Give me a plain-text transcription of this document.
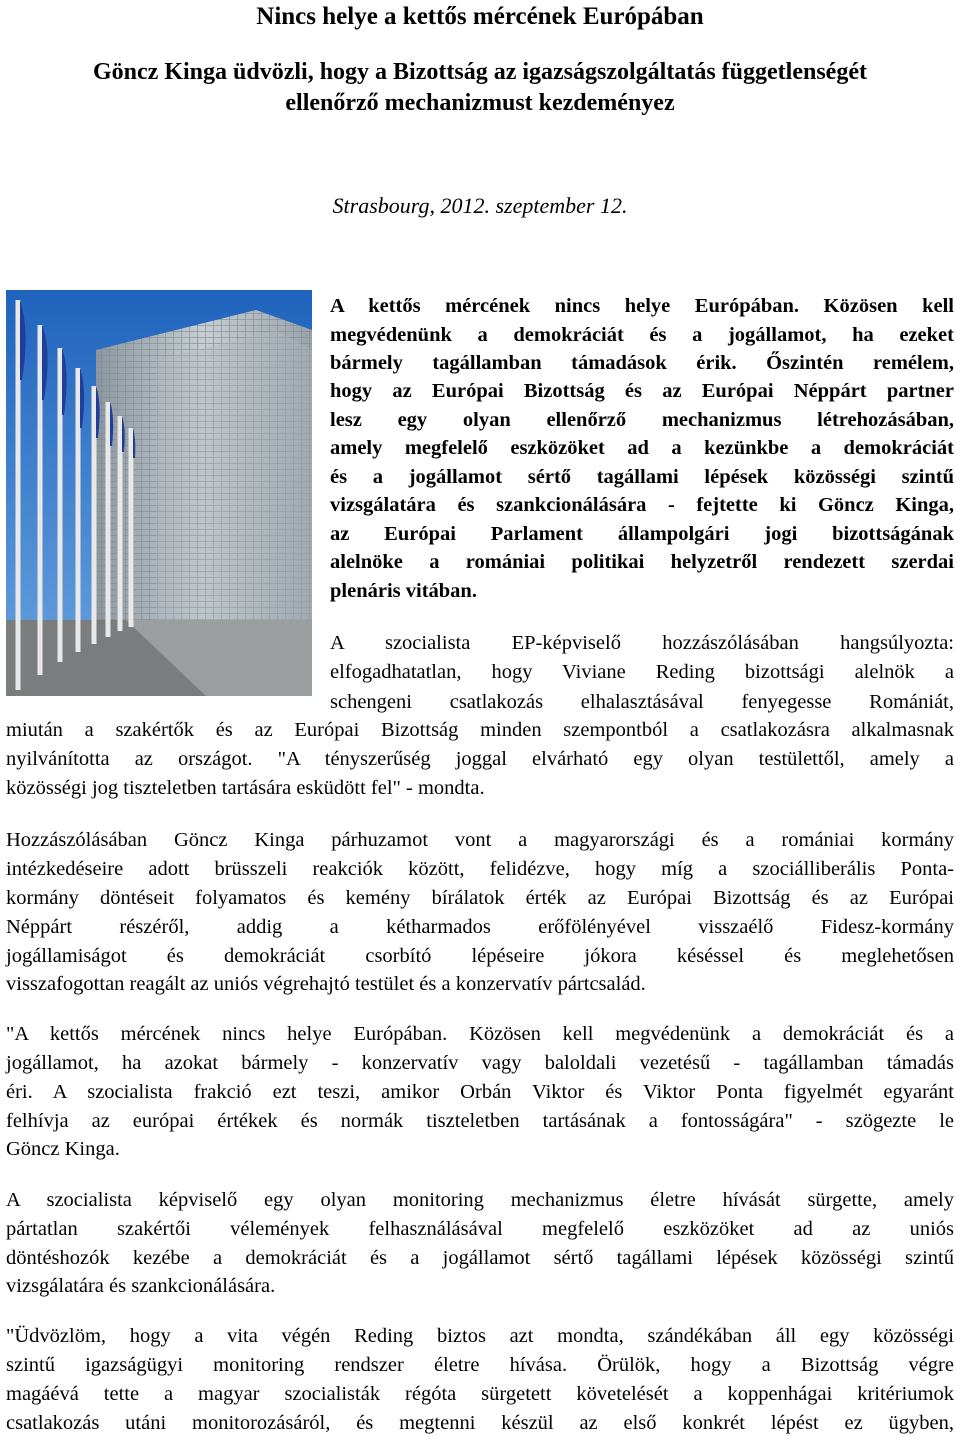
Nincs helye a kettős mércének Európában
Göncz Kinga üdvözli, hogy a Bizottság az igazságszolgáltatás függetlenségét
ellenőrző mechanizmust kezdeményez
Strasbourg, 2012. szeptember 12.
A kettős mércének nincs helye Európában. Közösen kell
megvédenünk a demokráciát és a jogállamot, ha ezeket
bármely tagállamban támadások érik. Őszintén remélem,
hogy az Európai Bizottság és az Európai Néppárt partner
lesz egy olyan ellenőrző mechanizmus létrehozásában,
amely megfelelő eszközöket ad a kezünkbe a demokráciát
és a jogállamot sértő tagállami lépések közösségi szintű
vizsgálatára és szankcionálására - fejtette ki Göncz Kinga,
az Európai Parlament állampolgári jogi bizottságának
alelnöke a romániai politikai helyzetről rendezett szerdai
plenáris vitában.
A szocialista EP-képviselő hozzászólásában hangsúlyozta:
elfogadhatatlan, hogy Viviane Reding bizottsági alelnök a
schengeni csatlakozás elhalasztásával fenyegesse Romániát,
miután a szakértők és az Európai Bizottság minden szempontból a csatlakozásra alkalmasnak
nyilvánította az országot. "A tényszerűség joggal elvárható egy olyan testülettől, amely a
közösségi jog tiszteletben tartására esküdött fel" - mondta.
Hozzászólásában Göncz Kinga párhuzamot vont a magyarországi és a romániai kormány
intézkedéseire adott brüsszeli reakciók között, felidézve, hogy míg a szociálliberális Ponta-
kormány döntéseit folyamatos és kemény bírálatok érték az Európai Bizottság és az Európai
Néppárt részéről, addig a kétharmados erőfölényével visszaélő Fidesz-kormány
jogállamiságot és demokráciát csorbító lépéseire jókora késéssel és meglehetősen
visszafogottan reagált az uniós végrehajtó testület és a konzervatív pártcsalád.
"A kettős mércének nincs helye Európában. Közösen kell megvédenünk a demokráciát és a
jogállamot, ha azokat bármely - konzervatív vagy baloldali vezetésű - tagállamban támadás
éri. A szocialista frakció ezt teszi, amikor Orbán Viktor és Viktor Ponta figyelmét egyaránt
felhívja az európai értékek és normák tiszteletben tartásának a fontosságára" - szögezte le
Göncz Kinga.
A szocialista képviselő egy olyan monitoring mechanizmus életre hívását sürgette, amely
pártatlan szakértői vélemények felhasználásával megfelelő eszközöket ad az uniós
döntéshozók kezébe a demokráciát és a jogállamot sértő tagállami lépések közösségi szintű
vizsgálatára és szankcionálására.
"Üdvözlöm, hogy a vita végén Reding biztos azt mondta, szándékában áll egy közösségi
szintű igazságügyi monitoring rendszer életre hívása. Örülök, hogy a Bizottság végre
magáévá tette a magyar szocialisták régóta sürgetett követelését a koppenhágai kritériumok
csatlakozás utáni monitorozásáról, és megtenni készül az első konkrét lépést ez ügyben,
